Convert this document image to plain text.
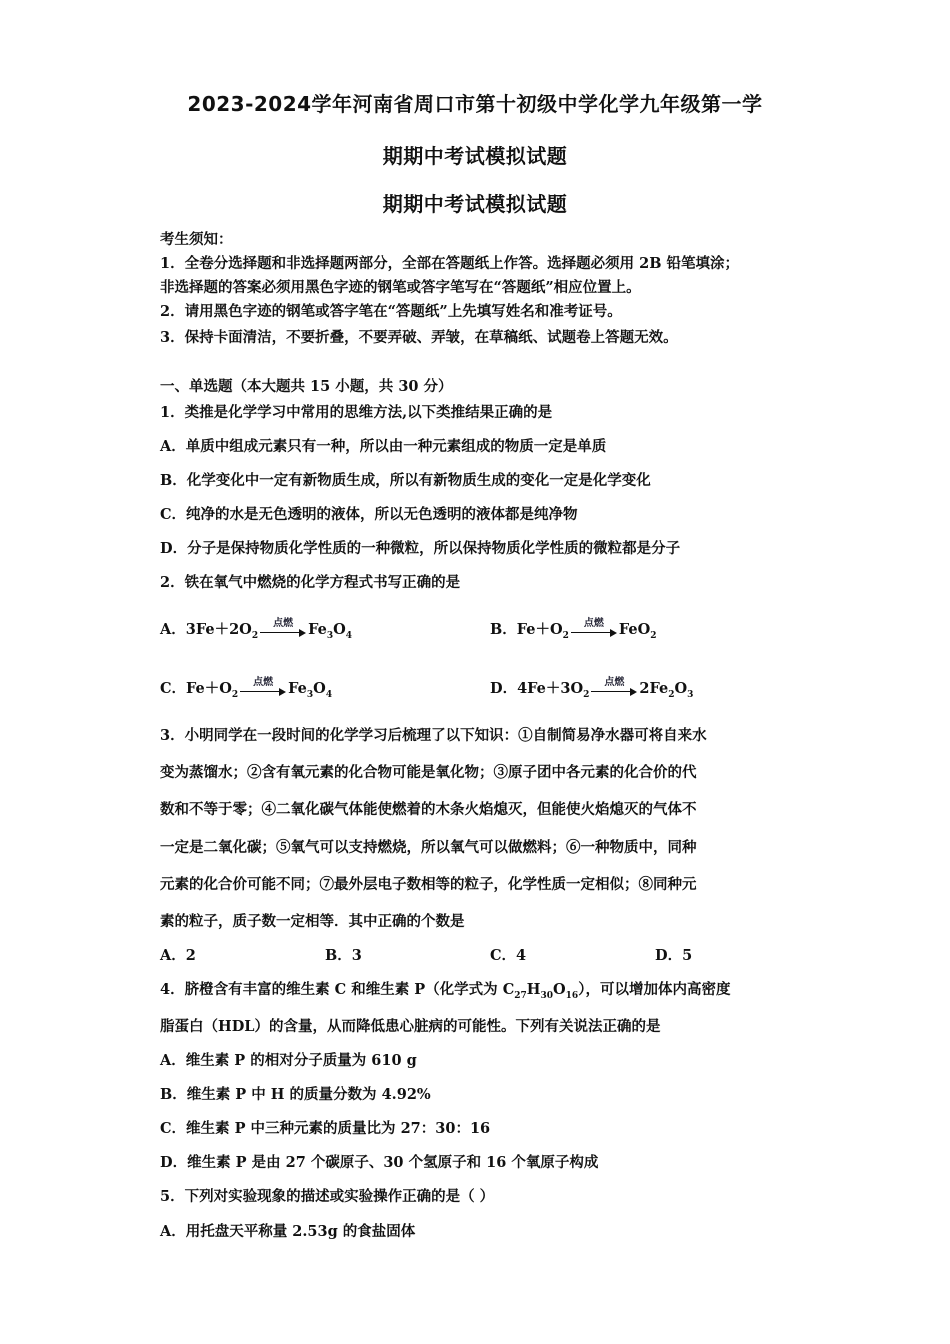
2023-2024学年河南省周口市第十初级中学化学九年级第一学
期期中考试模拟试题
期期中考试模拟试题
考生须知：
1．全卷分选择题和非选择题两部分，全部在答题纸上作答。选择题必须用 2B 铅笔填涂；
非选择题的答案必须用黑色字迹的钢笔或答字笔写在“答题纸”相应位置上。
2．请用黑色字迹的钢笔或答字笔在“答题纸”上先填写姓名和准考证号。
3．保持卡面清洁，不要折叠，不要弄破、弄皱，在草稿纸、试题卷上答题无效。
一、单选题（本大题共 15 小题，共 30 分）
1．类推是化学学习中常用的思维方法,以下类推结果正确的是
A．单质中组成元素只有一种，所以由一种元素组成的物质一定是单质
B．化学变化中一定有新物质生成，所以有新物质生成的变化一定是化学变化
C．纯净的水是无色透明的液体，所以无色透明的液体都是纯净物
D．分子是保持物质化学性质的一种微粒，所以保持物质化学性质的微粒都是分子
2．铁在氧气中燃烧的化学方程式书写正确的是
A．$3Fe+2O_2$
点燃	$Fe_3O_4$	B．$Fe+O_2$
点燃	FeO$_2$
C．$Fe+O_2$
点燃	$Fe_3O_4$	D．$4Fe+3O_2$
点燃	$2Fe_2O_3$
3．小明同学在一段时间的化学学习后梳理了以下知识：①自制简易净水器可将自来水
变为蒸馏水；②含有氧元素的化合物可能是氧化物；③原子团中各元素的化合价的代
数和不等于零；④二氧化碳气体能使燃着的木条火焰熄灭，但能使火焰熄灭的气体不
一定是二氧化碳；⑤氧气可以支持燃烧，所以氧气可以做燃料；⑥一种物质中，同种
元素的化合价可能不同；⑦最外层电子数相等的粒子，化学性质一定相似；⑧同种元
素的粒子，质子数一定相等．其中正确的个数是
A．2	B．3	C．4	D．5
4．脐橙含有丰富的维生素 C 和维生素 P（化学式为 $C_{27}H_{30}O_{16}$），可以增加体内高密度
脂蛋白（HDL）的含量，从而降低患心脏病的可能性。下列有关说法正确的是
A．维生素 P 的相对分子质量为 610 g
B．维生素 P 中 H 的质量分数为 4.92%
C．维生素 P 中三种元素的质量比为 27：30：16
D．维生素 P 是由 27 个碳原子、30 个氢原子和 16 个氧原子构成
5．下列对实验现象的描述或实验操作正确的是（ ）
A．用托盘天平称量 2.53g 的食盐固体
